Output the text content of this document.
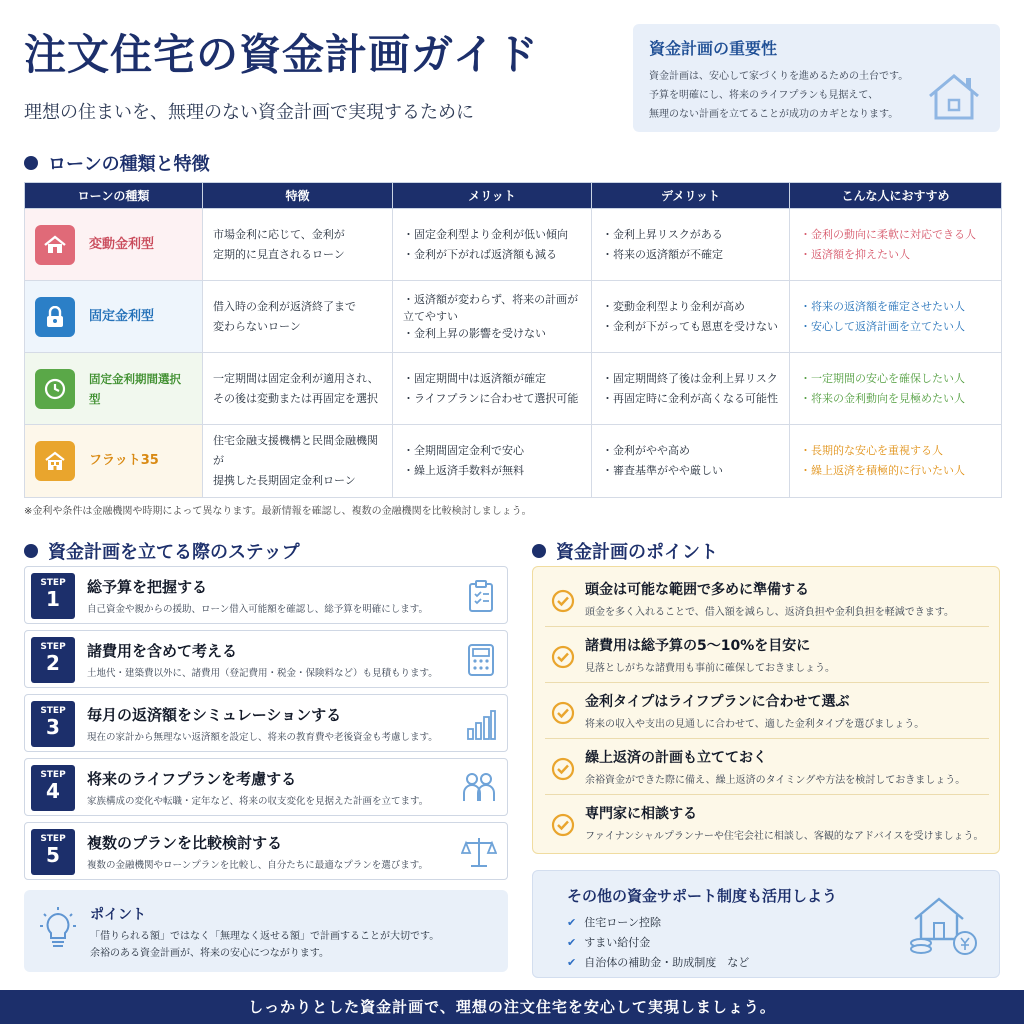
注文住宅の資金計画ガイド
理想の住まいを、無理のない資金計画で実現するために
資金計画の重要性

資金計画は、安心して家づくりを進めるための土台です。
予算を明確にし、将来のライフプランも見据えて、
無理のない計画を立てることが成功のカギとなります。

ローンの種類と特徴
ローンの種類	特徴	メリット	デメリット	こんな人におすすめ

変動金利型	市場金利に応じて、金利が
定期的に見直されるローン	・固定金利型より金利が低い傾向
・金利が下がれば返済額も減る	・金利上昇リスクがある
・将来の返済額が不確定	・金利の動向に柔軟に対応できる人
・返済額を抑えたい人

固定金利型	借入時の金利が返済終了まで
変わらないローン	・返済額が変わらず、将来の計画が立てやすい
・金利上昇の影響を受けない	・変動金利型より金利が高め
・金利が下がっても恩恵を受けない	・将来の返済額を確定させたい人
・安心して返済計画を立てたい人

固定金利期間選択型	一定期間は固定金利が適用され、
その後は変動または再固定を選択	・固定期間中は返済額が確定
・ライフプランに合わせて選択可能	・固定期間終了後は金利上昇リスク
・再固定時に金利が高くなる可能性	・一定期間の安心を確保したい人
・将来の金利動向を見極めたい人

フラット35	住宅金融支援機構と民間金融機関が
提携した長期固定金利ローン	・全期間固定金利で安心
・繰上返済手数料が無料	・金利がやや高め
・審査基準がやや厳しい	・長期的な安心を重視する人
・繰上返済を積極的に行いたい人
※金利や条件は金融機関や時期によって異なります。最新情報を確認し、複数の金融機関を比較検討しましょう。
資金計画を立てる際のステップ
STEP
1	総予算を把握する
自己資金や親からの援助、ローン借入可能額を確認し、総予算を明確にします。
STEP
2	諸費用を含めて考える
土地代・建築費以外に、諸費用（登記費用・税金・保険料など）も見積もります。
STEP
3	毎月の返済額をシミュレーションする
現在の家計から無理ない返済額を設定し、将来の教育費や老後資金も考慮します。
STEP
4	将来のライフプランを考慮する
家族構成の変化や転職・定年など、将来の収支変化を見据えた計画を立てます。
STEP
5	複数のプランを比較検討する
複数の金融機関やローンプランを比較し、自分たちに最適なプランを選びます。
ポイント
「借りられる額」ではなく「無理なく返せる額」で計画することが大切です。
余裕のある資金計画が、将来の安心につながります。
資金計画のポイント
頭金は可能な範囲で多めに準備する
頭金を多く入れることで、借入額を減らし、返済負担や金利負担を軽減できます。
諸費用は総予算の5〜10%を目安に
見落としがちな諸費用も事前に確保しておきましょう。
金利タイプはライフプランに合わせて選ぶ
将来の収入や支出の見通しに合わせて、適した金利タイプを選びましょう。
繰上返済の計画も立てておく
余裕資金ができた際に備え、繰上返済のタイミングや方法を検討しておきましょう。
専門家に相談する
ファイナンシャルプランナーや住宅会社に相談し、客観的なアドバイスを受けましょう。
その他の資金サポート制度も活用しよう
✔ 住宅ローン控除
✔ すまい給付金
✔ 自治体の補助金・助成制度　など
しっかりとした資金計画で、理想の注文住宅を安心して実現しましょう。
